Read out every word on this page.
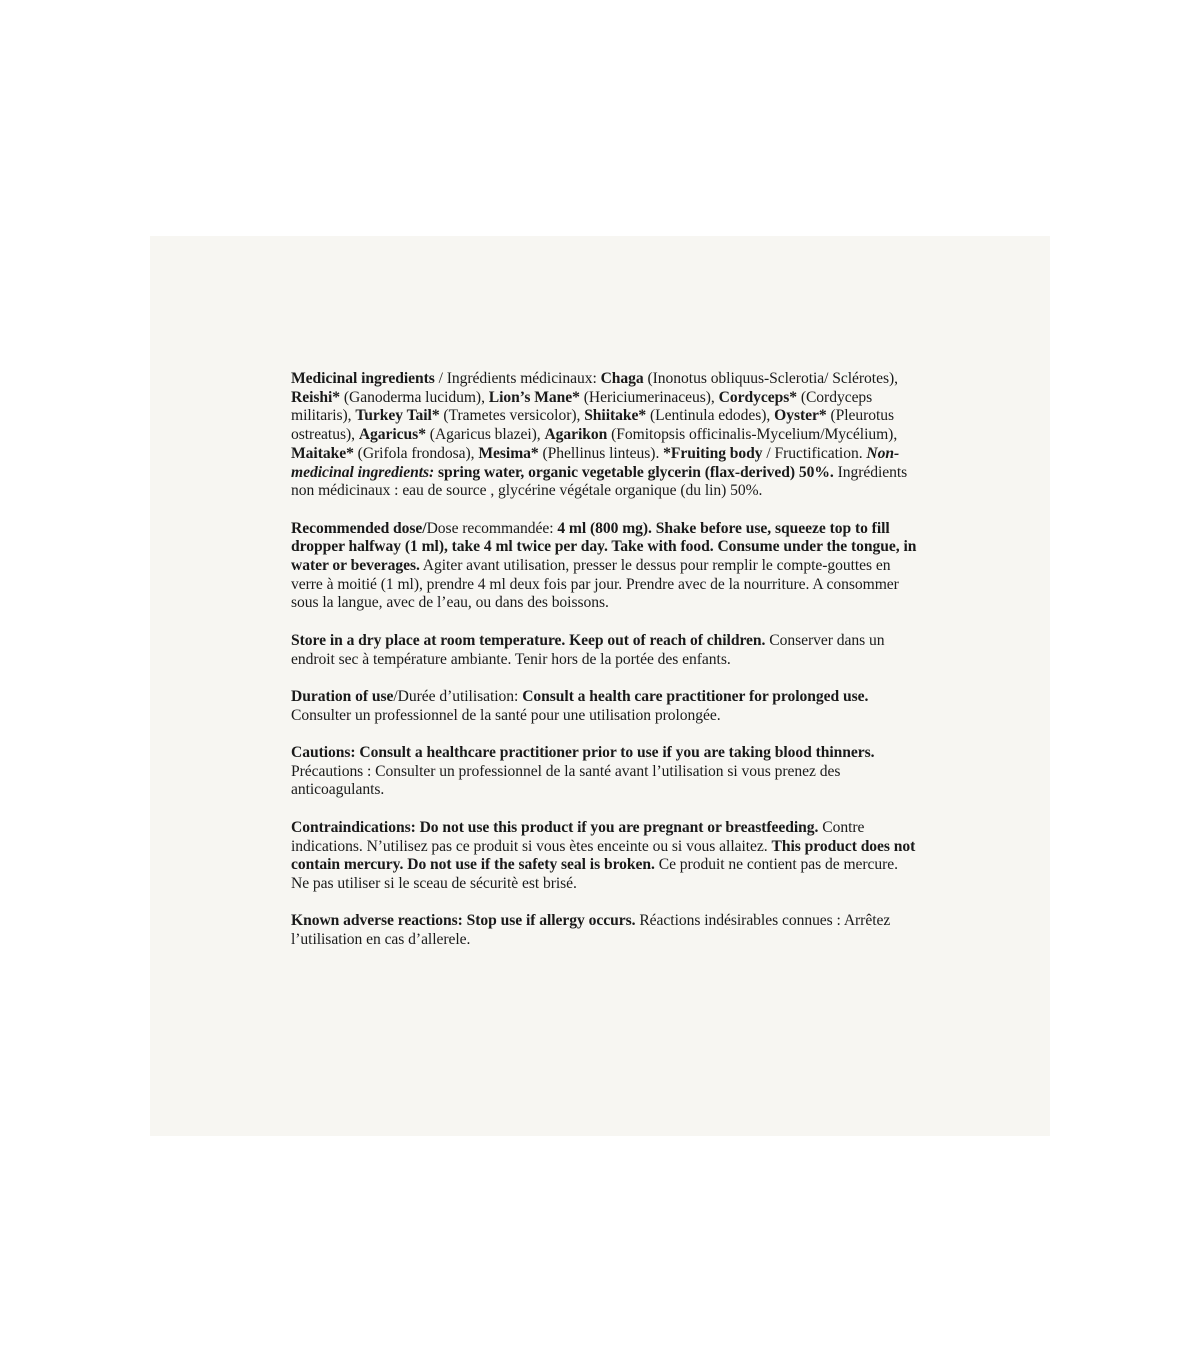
Medicinal ingredients / Ingrédients médicinaux: Chaga (Inonotus obliquus-Sclerotia/ Sclérotes), Reishi* (Ganoderma lucidum), Lion’s Mane* (Hericiumerinaceus), Cordyceps* (Cordyceps militaris), Turkey Tail* (Trametes versicolor), Shiitake* (Lentinula edodes), Oyster* (Pleurotus ostreatus), Agaricus* (Agaricus blazei), Agarikon (Fomitopsis officinalis-Mycelium/Mycélium), Maitake* (Grifola frondosa), Mesima* (Phellinus linteus). *Fruiting body / Fructification. Non-medicinal ingredients: spring water, organic vegetable glycerin (flax-derived) 50%. Ingrédients non médicinaux : eau de source , glycérine végétale organique (du lin) 50%.

Recommended dose/Dose recommandée: 4 ml (800 mg). Shake before use, squeeze top to fill dropper halfway (1 ml), take 4 ml twice per day. Take with food. Consume under the tongue, in water or beverages. Agiter avant utilisation, presser le dessus pour remplir le compte-gouttes en verre à moitié (1 ml), prendre 4 ml deux fois par jour. Prendre avec de la nourriture. A consommer sous la langue, avec de l’eau, ou dans des boissons.

Store in a dry place at room temperature. Keep out of reach of children. Conserver dans un endroit sec à température ambiante. Tenir hors de la portée des enfants.

Duration of use/Durée d’utilisation: Consult a health care practitioner for prolonged use. Consulter un professionnel de la santé pour une utilisation prolongée.

Cautions: Consult a healthcare practitioner prior to use if you are taking blood thinners. Précautions : Consulter un professionnel de la santé avant l’utilisation si vous prenez des anticoagulants.

Contraindications: Do not use this product if you are pregnant or breastfeeding. Contre indications. N’utilisez pas ce produit si vous ètes enceinte ou si vous allaitez. This product does not contain mercury. Do not use if the safety seal is broken. Ce produit ne contient pas de mercure. Ne pas utiliser si le sceau de sécuritè est brisé.

Known adverse reactions: Stop use if allergy occurs. Réactions indésirables connues : Arrêtez l’utilisation en cas d’allerele.
